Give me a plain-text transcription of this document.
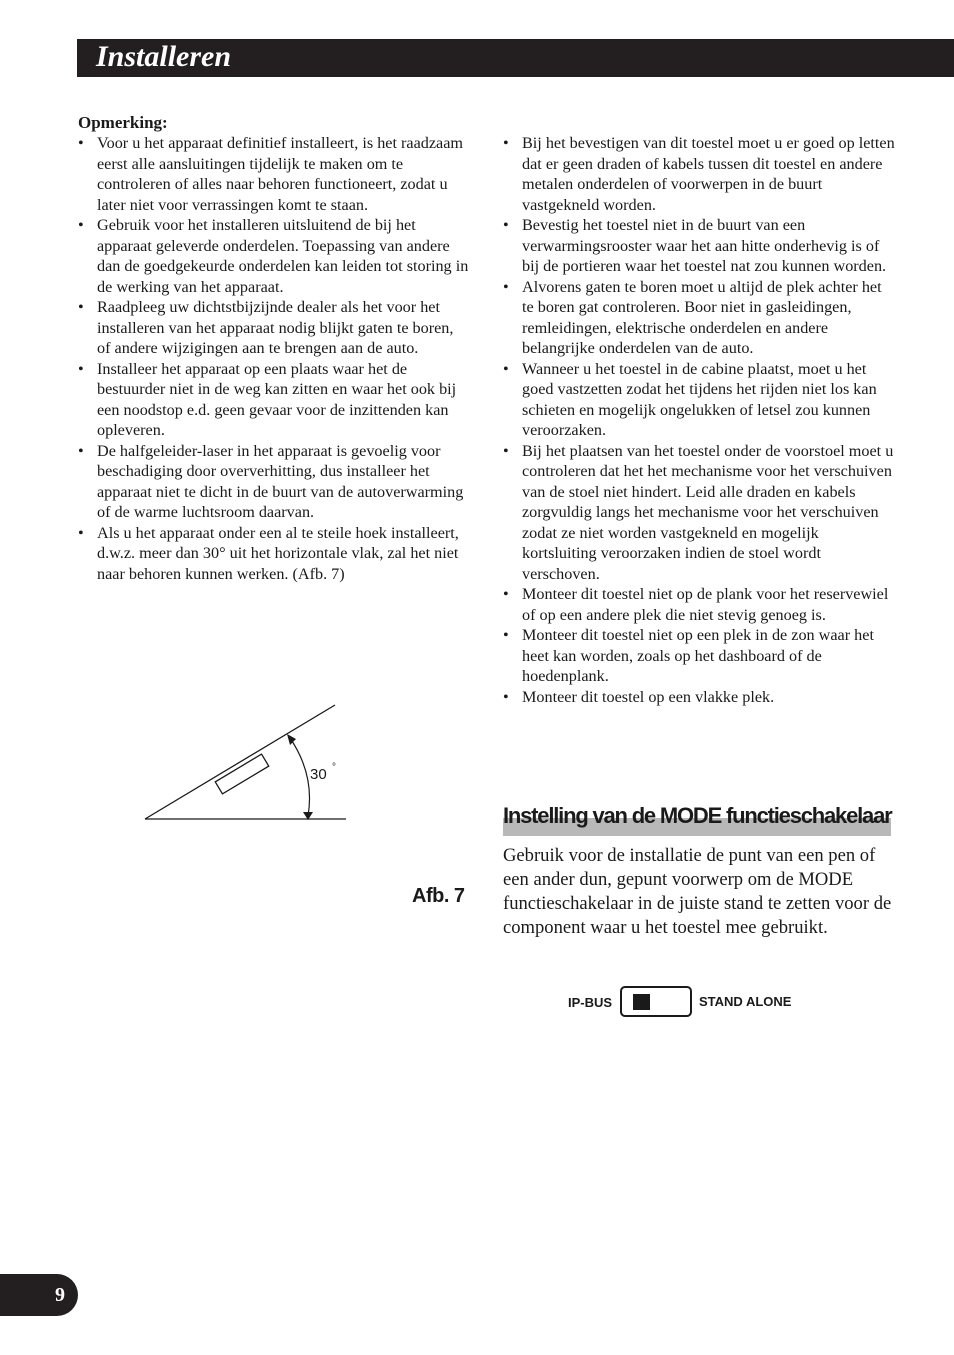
Installeren
Opmerking:
• Voor u het apparaat definitief installeert, is het raadzaam eerst alle aansluitingen tijdelijk te maken om te controleren of alles naar behoren functioneert, zodat u later niet voor verrassingen komt te staan.
• Gebruik voor het installeren uitsluitend de bij het apparaat geleverde onderdelen. Toepassing van andere dan de goedgekeurde onderdelen kan leiden tot storing in de werking van het apparaat.
• Raadpleeg uw dichtstbijzijnde dealer als het voor het installeren van het apparaat nodig blijkt gaten te boren, of andere wijzigingen aan te brengen aan de auto.
• Installeer het apparaat op een plaats waar het de bestuurder niet in de weg kan zitten en waar het ook bij een noodstop e.d. geen gevaar voor de inzittenden kan opleveren.
• De halfgeleider-laser in het apparaat is gevoelig voor beschadiging door oververhitting, dus installeer het apparaat niet te dicht in de buurt van de autoverwarming of de warme luchtsroom daarvan.
• Als u het apparaat onder een al te steile hoek installeert, d.w.z. meer dan 30° uit het horizontale vlak, zal het niet naar behoren kunnen werken. (Afb. 7)
30 °
Afb. 7
• Bij het bevestigen van dit toestel moet u er goed op letten dat er geen draden of kabels tussen dit toestel en andere metalen onderdelen of voorwerpen in de buurt vastgekneld worden.
• Bevestig het toestel niet in de buurt van een verwarmingsrooster waar het aan hitte onderhevig is of bij de portieren waar het toestel nat zou kunnen worden.
• Alvorens gaten te boren moet u altijd de plek achter het te boren gat controleren. Boor niet in gasleidingen, remleidingen, elektrische onderdelen en andere belangrijke onderdelen van de auto.
• Wanneer u het toestel in de cabine plaatst, moet u het goed vastzetten zodat het tijdens het rijden niet los kan schieten en mogelijk ongelukken of letsel zou kunnen veroorzaken.
• Bij het plaatsen van het toestel onder de voorstoel moet u controleren dat het het mechanisme voor het verschuiven van de stoel niet hindert. Leid alle draden en kabels zorgvuldig langs het mechanisme voor het verschuiven zodat ze niet worden vastgekneld en mogelijk kortsluiting veroorzaken indien de stoel wordt verschoven.
• Monteer dit toestel niet op de plank voor het reservewiel of op een andere plek die niet stevig genoeg is.
• Monteer dit toestel niet op een plek in de zon waar het heet kan worden, zoals op het dashboard of de hoedenplank.
• Monteer dit toestel op een vlakke plek.
Instelling van de MODE functieschakelaar
Gebruik voor de installatie de punt van een pen of een ander dun, gepunt voorwerp om de MODE functieschakelaar in de juiste stand te zetten voor de component waar u het toestel mee gebruikt.
IP-BUS	STAND ALONE
9
